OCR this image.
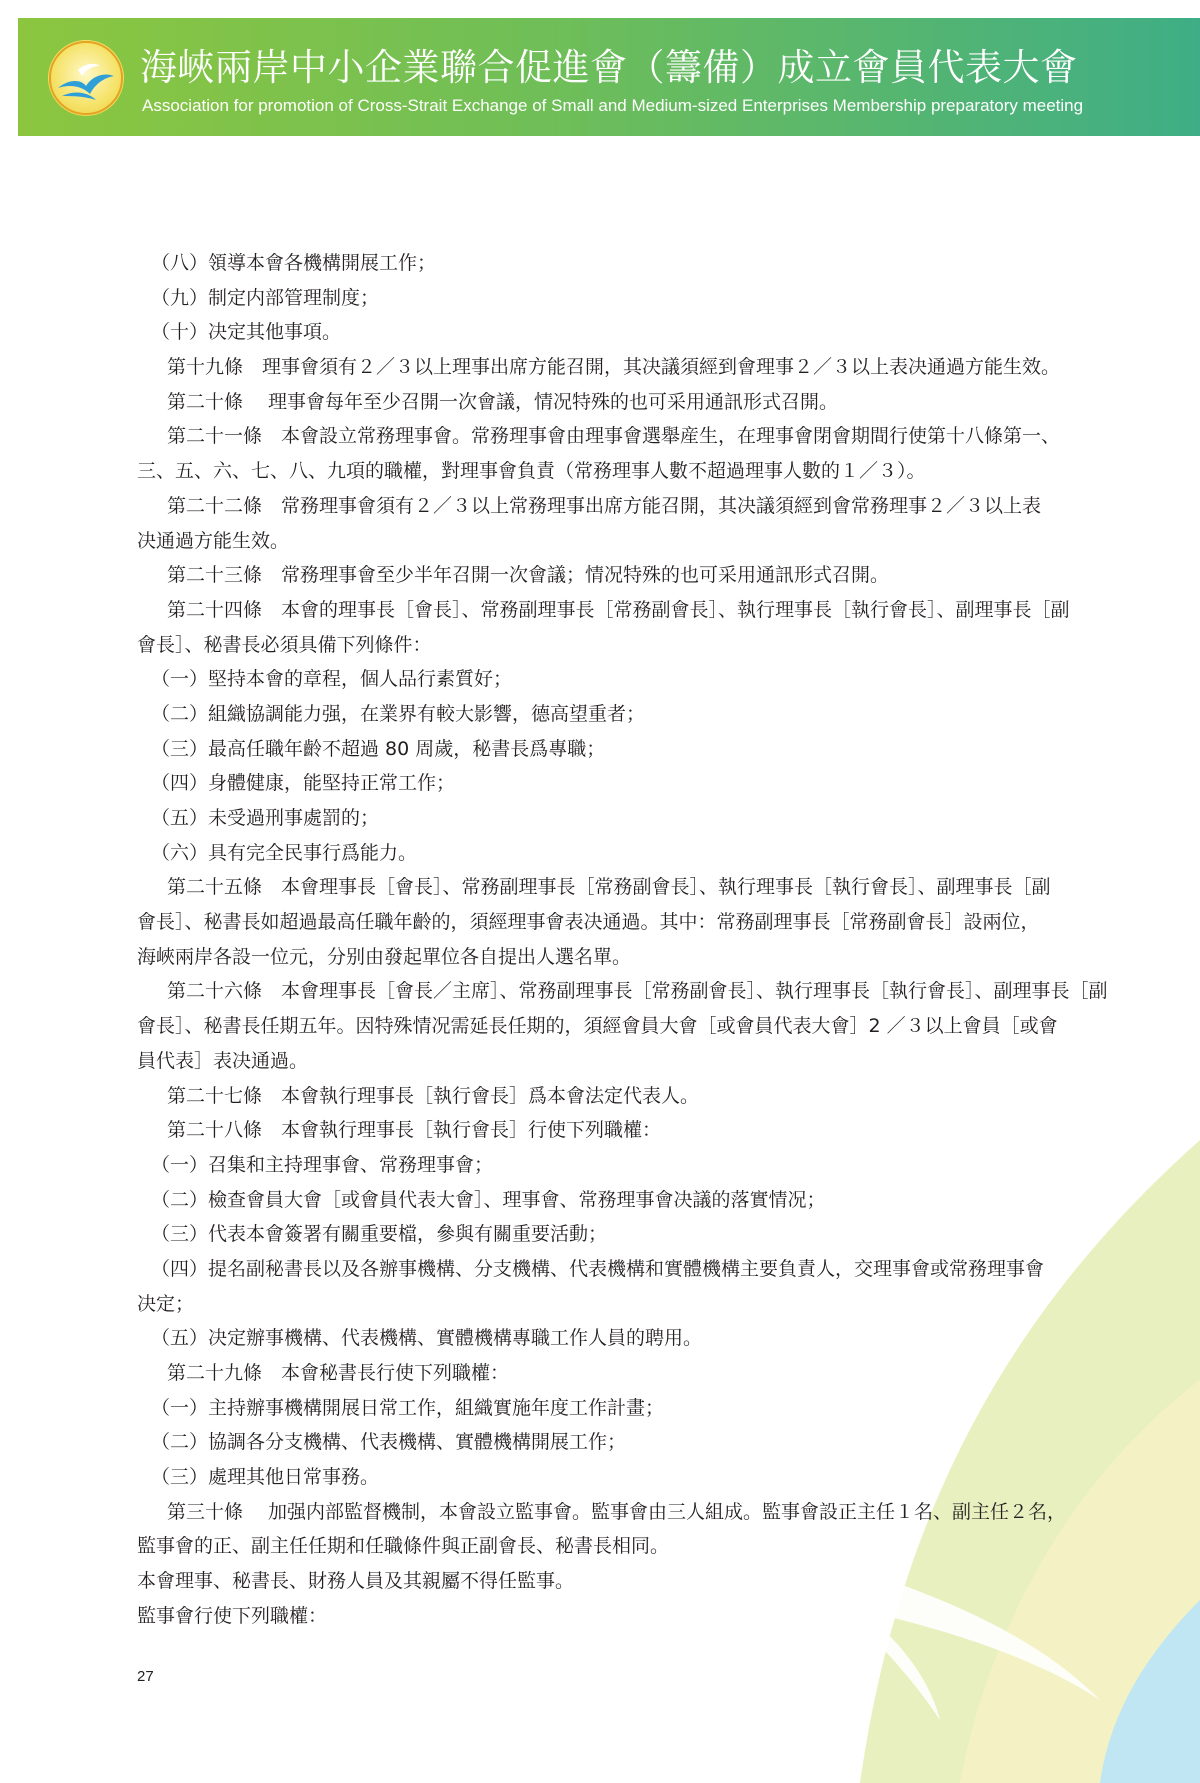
海峽兩岸中小企業聯合促進會（籌備）成立會員代表大會
Association for promotion of Cross-Strait Exchange of Small and Medium-sized Enterprises Membership preparatory meeting
（八）領導本會各機構開展工作；
（九）制定内部管理制度；
（十）决定其他事項。
第十九條　理事會須有２／３以上理事出席方能召開，其决議須經到會理事２／３以上表决通過方能生效。
第二十條　 理事會每年至少召開一次會議，情况特殊的也可采用通訊形式召開。
第二十一條　本會設立常務理事會。常務理事會由理事會選舉産生，在理事會閉會期間行使第十八條第一、
三、五、六、七、八、九項的職權，對理事會負責（常務理事人數不超過理事人數的１／３）。
第二十二條　常務理事會須有２／３以上常務理事出席方能召開，其决議須經到會常務理事２／３以上表
决通過方能生效。
第二十三條　常務理事會至少半年召開一次會議；情况特殊的也可采用通訊形式召開。
第二十四條　本會的理事長［會長］、常務副理事長［常務副會長］、執行理事長［執行會長］、副理事長［副
會長］、秘書長必須具備下列條件：
（一）堅持本會的章程，個人品行素質好；
（二）組織協調能力强，在業界有較大影響，德高望重者；
（三）最高任職年齡不超過 80 周歲，秘書長爲專職；
（四）身體健康，能堅持正常工作；
（五）未受過刑事處罰的；
（六）具有完全民事行爲能力。
第二十五條　本會理事長［會長］、常務副理事長［常務副會長］、執行理事長［執行會長］、副理事長［副
會長］、秘書長如超過最高任職年齡的，須經理事會表决通過。其中：常務副理事長［常務副會長］設兩位，
海峽兩岸各設一位元，分别由發起單位各自提出人選名單。
第二十六條　本會理事長［會長／主席］、常務副理事長［常務副會長］、執行理事長［執行會長］、副理事長［副
會長］、秘書長任期五年。因特殊情况需延長任期的，須經會員大會［或會員代表大會］2 ／３以上會員［或會
員代表］表决通過。
第二十七條　本會執行理事長［執行會長］爲本會法定代表人。
第二十八條　本會執行理事長［執行會長］行使下列職權：
（一）召集和主持理事會、常務理事會；
（二）檢查會員大會［或會員代表大會］、理事會、常務理事會决議的落實情况；
（三）代表本會簽署有關重要檔，參與有關重要活動；
（四）提名副秘書長以及各辦事機構、分支機構、代表機構和實體機構主要負責人，交理事會或常務理事會
决定；
（五）决定辦事機構、代表機構、實體機構專職工作人員的聘用。
第二十九條　本會秘書長行使下列職權：
（一）主持辦事機構開展日常工作，組織實施年度工作計畫；
（二）協調各分支機構、代表機構、實體機構開展工作；
（三）處理其他日常事務。
第三十條　 加强内部監督機制，本會設立監事會。監事會由三人組成。監事會設正主任１名、副主任２名，
監事會的正、副主任任期和任職條件與正副會長、秘書長相同。
本會理事、秘書長、財務人員及其親屬不得任監事。
監事會行使下列職權：
27
